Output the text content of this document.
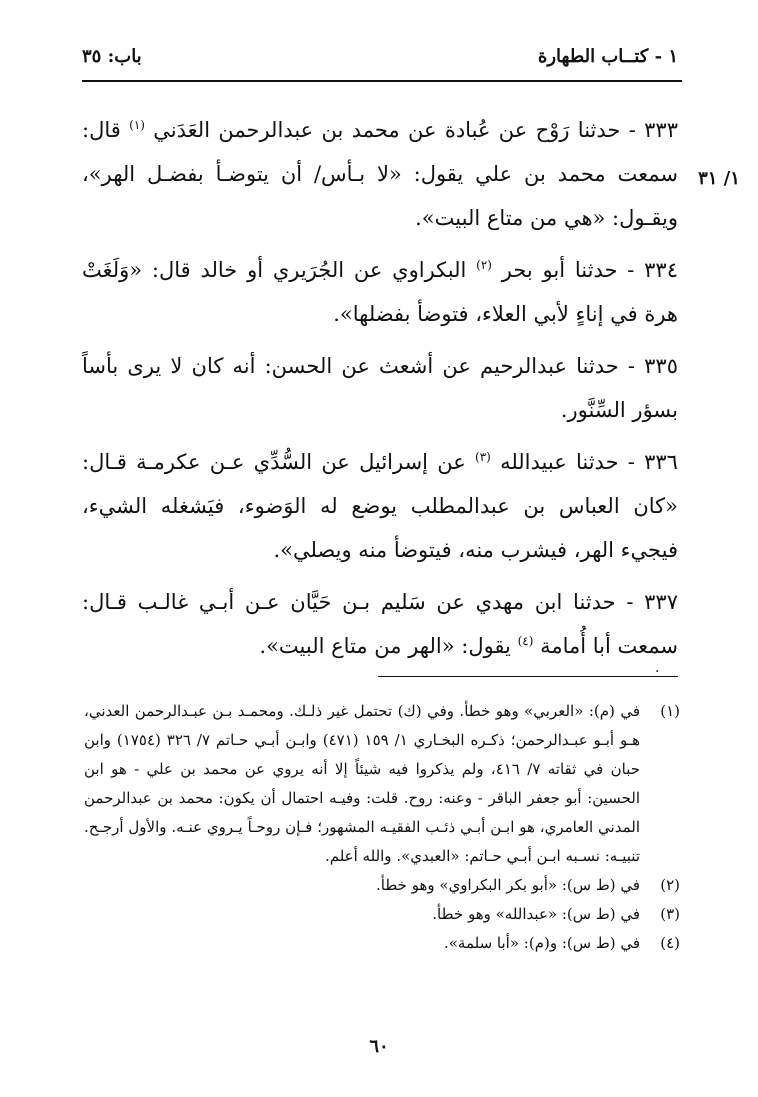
١ - كتــاب الطهارة
باب: ٣٥
١/ ٣١

٣٣٣ - حدثنا رَوْح عن عُبادة عن محمد بن عبدالرحمن العَدَني $^{(١)}$ قال: سمعت محمد بن علي يقول: «لا بـأس/ أن يتوضـأ بفضـل الهر»، ويقـول: «هي من متاع البيت».

٣٣٤ - حدثنا أبو بحر $^{(٢)}$ البكراوي عن الجُرَيري أو خالد قال: «وَلَغَتْ هرة في إناءٍ لأبي العلاء، فتوضأ بفضلها».

٣٣٥ - حدثنا عبدالرحيم عن أشعث عن الحسن: أنه كان لا يرى بأساً بسؤر السِّنَّور.

٣٣٦ - حدثنا عبيدالله $^{(٣)}$ عن إسرائيل عن السُّدِّي عـن عكرمـة قـال: «كان العباس بن عبدالمطلب يوضع له الوَضوء، فيَشغله الشيء، فيجيء الهر، فيشرب منه، فيتوضأ منه ويصلي».

٣٣٧ - حدثنا ابن مهدي عن سَليم بـن حَيَّان عـن أبـي غالـب قـال: سمعت أبا أُمامة $^{(٤)}$ يقول: «الهر من متاع البيت».

.
(١)
في (م): «العربي» وهو خطأ. وفي (ك) تحتمل غير ذلـك. ومحمـد بـن عبـدالرحمن العدني، هـو أبـو عبـدالرحمن؛ ذكـره البخـاري ١/ ١٥٩ (٤٧١) وابـن أبـي حـاتم ٧/ ٣٢٦ (١٧٥٤) وابن حبان في ثقاته ٧/ ٤١٦، ولم يذكروا فيه شيئاً إلا أنه يروي عن محمد بن علي - هو ابن الحسين: أبو جعفر الباقر - وعنه: روح. قلت: وفيـه احتمال أن يكون: محمد بن عبدالرحمن المدني العامري، هو ابـن أبـي ذئـب الفقيـه المشهور؛ فـإن روحـاً يـروي عنـه. والأول أرجـح. تنبيـه: نسـبه ابـن أبـي حـاتم: «العبدي». والله أعلم.
(٢)
في (ط س): «أبو بكر البكراوي» وهو خطأ.
(٣)
في (ط س): «عبدالله» وهو خطأ.
(٤)
في (ط س): و(م): «أبا سلمة».
٦٠
